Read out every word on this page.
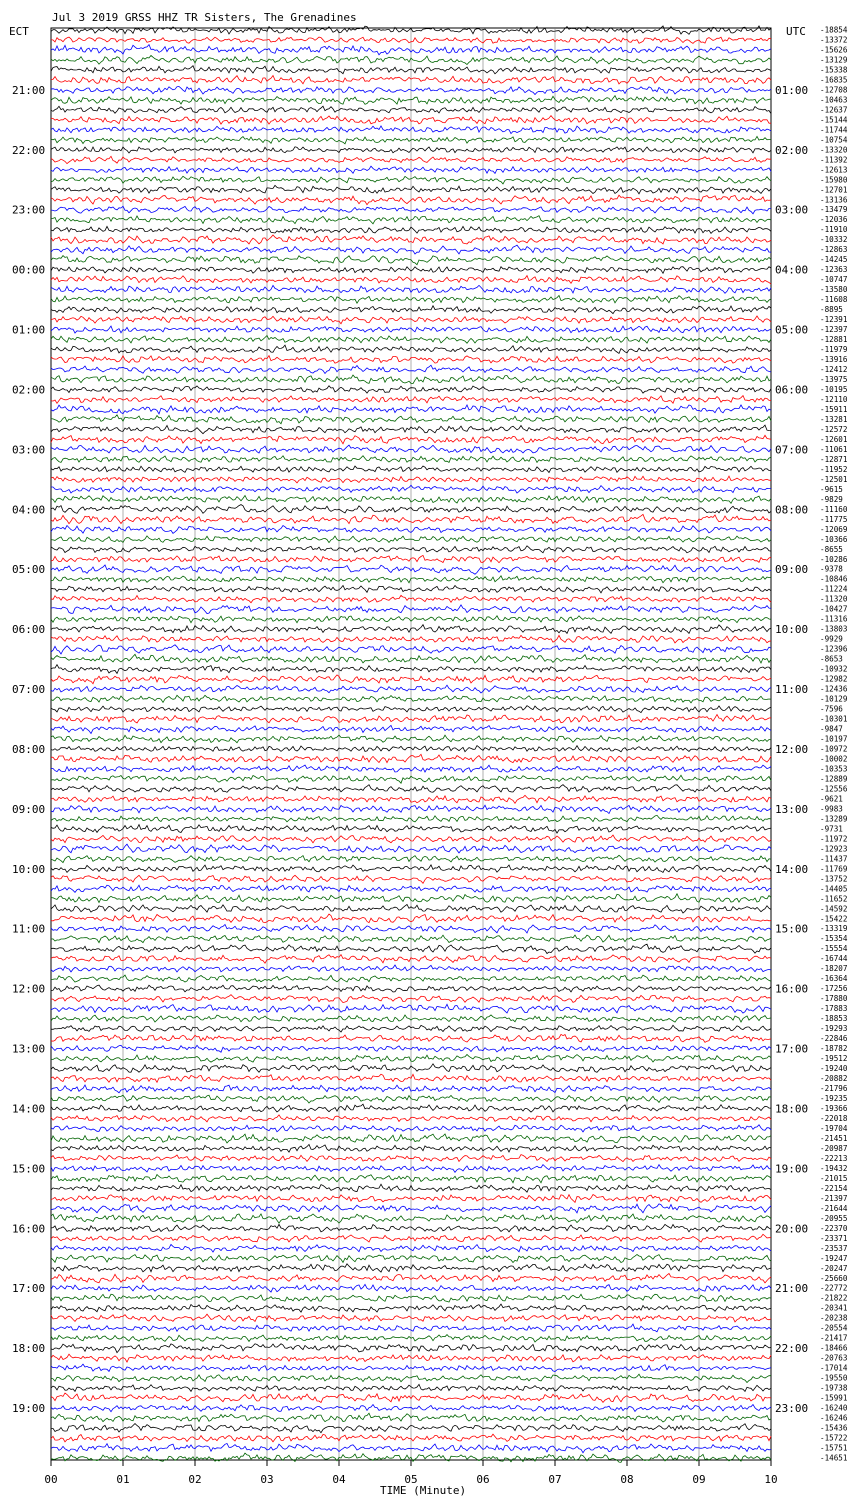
Jul 3 2019 GRSS HHZ TR Sisters, The Grenadines
ECT	UTC
21:00
22:00
23:00
00:00
01:00
02:00
03:00
04:00
05:00
06:00
07:00
08:00
09:00
10:00
11:00
12:00
13:00
14:00
15:00
16:00
17:00
18:00
19:00
01:00
02:00
03:00
04:00
05:00
06:00
07:00
08:00
09:00
10:00
11:00
12:00
13:00
14:00
15:00
16:00
17:00
18:00
19:00
20:00
21:00
22:00
23:00
-18854
-13372
-15626
-13129
-15338
-16835
-12708
-10463
-12637
-15144
-11744
-10754
-13320
-11392
-12613
-15980
-12701
-13136
-13479
-12036
-11910
-10332
-12863
-14245
-12363
-10747
-13580
-11608
-8895
-12391
-12397
-12881
-11979
-13916
-12412
-13975
-10195
-12110
-15911
-13281
-12572
-12601
-11061
-12871
-11952
-12501
-9615
-9829
-11160
-11775
-12069
-10366
-8655
-10286
-9378
-10846
-11224
-11320
-10427
-11316
-13803
-9929
-12396
-8653
-10932
-12982
-12436
-10129
-7596
-10301
-9847
-10197
-10972
-10002
-10353
-12889
-12556
-9621
-9983
-13289
-9731
-11972
-12923
-11437
-11769
-13752
-14405
-11652
-14592
-15422
-13319
-15354
-15554
-16744
-18207
-16364
-17256
-17880
-17883
-18853
-19293
-22846
-18782
-19512
-19240
-20882
-21796
-19235
-19366
-22018
-19704
-21451
-20987
-22213
-19432
-21015
-22154
-21397
-21644
-20955
-22370
-23371
-23537
-19247
-20247
-25660
-22772
-21822
-20341
-20238
-20554
-21417
-18466
-20763
-17014
-19550
-19738
-15991
-16240
-16246
-15436
-15722
-15751
-14651
00	01	02	03	04	05	06	07	08	09	10
TIME (Minute)
